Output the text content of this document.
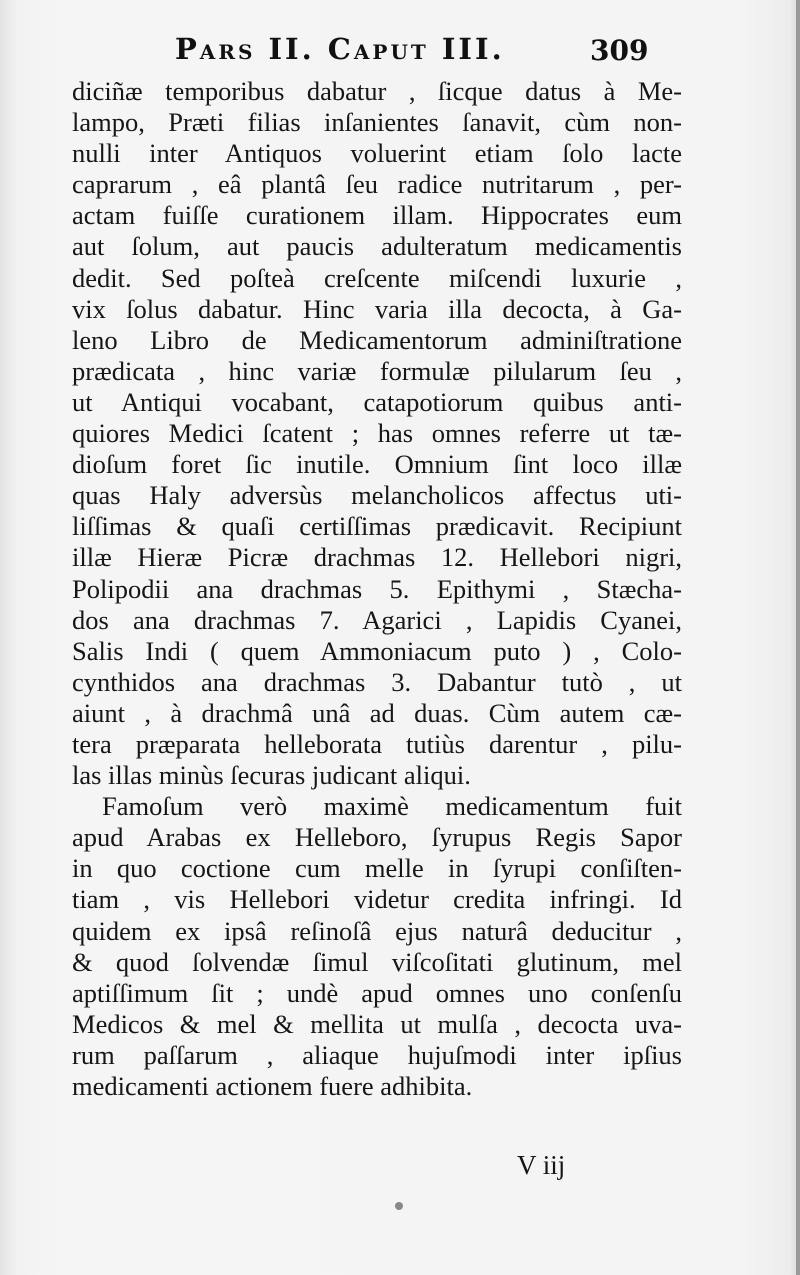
Pars II. Caput III.	309
diciñæ temporibus dabatur , ſicque datus à Me-
lampo, Præti filias inſanientes ſanavit, cùm non-
nulli inter Antiquos voluerint etiam ſolo lacte
caprarum , eâ plantâ ſeu radice nutritarum , per-
actam fuiſſe curationem illam. Hippocrates eum
aut ſolum, aut paucis adulteratum medicamentis
dedit. Sed poſteà creſcente miſcendi luxurie ,
vix ſolus dabatur. Hinc varia illa decocta, à Ga-
leno Libro de Medicamentorum adminiſtratione
prædicata , hinc variæ formulæ pilularum ſeu ,
ut Antiqui vocabant, catapotiorum quibus anti-
quiores Medici ſcatent ; has omnes referre ut tæ-
dioſum foret ſic inutile. Omnium ſint loco illæ
quas Haly adversùs melancholicos affectus uti-
liſſimas & quaſi certiſſimas prædicavit. Recipiunt
illæ Hieræ Picræ drachmas 12. Hellebori nigri,
Polipodii ana drachmas 5. Epithymi , Stæcha-
dos ana drachmas 7. Agarici , Lapidis Cyanei,
Salis Indi ( quem Ammoniacum puto ) , Colo-
cynthidos ana drachmas 3. Dabantur tutò , ut
aiunt , à drachmâ unâ ad duas. Cùm autem cæ-
tera præparata helleborata tutiùs darentur , pilu-
las illas minùs ſecuras judicant aliqui.
Famoſum verò maximè medicamentum fuit
apud Arabas ex Helleboro, ſyrupus Regis Sapor
in quo coctione cum melle in ſyrupi conſiſten-
tiam , vis Hellebori videtur credita infringi. Id
quidem ex ipsâ reſinoſâ ejus naturâ deducitur ,
& quod ſolvendæ ſimul viſcoſitati glutinum, mel
aptiſſimum ſit ; undè apud omnes uno conſenſu
Medicos & mel & mellita ut mulſa , decocta uva-
rum paſſarum , aliaque hujuſmodi inter ipſius
medicamenti actionem fuere adhibita.
V iij
